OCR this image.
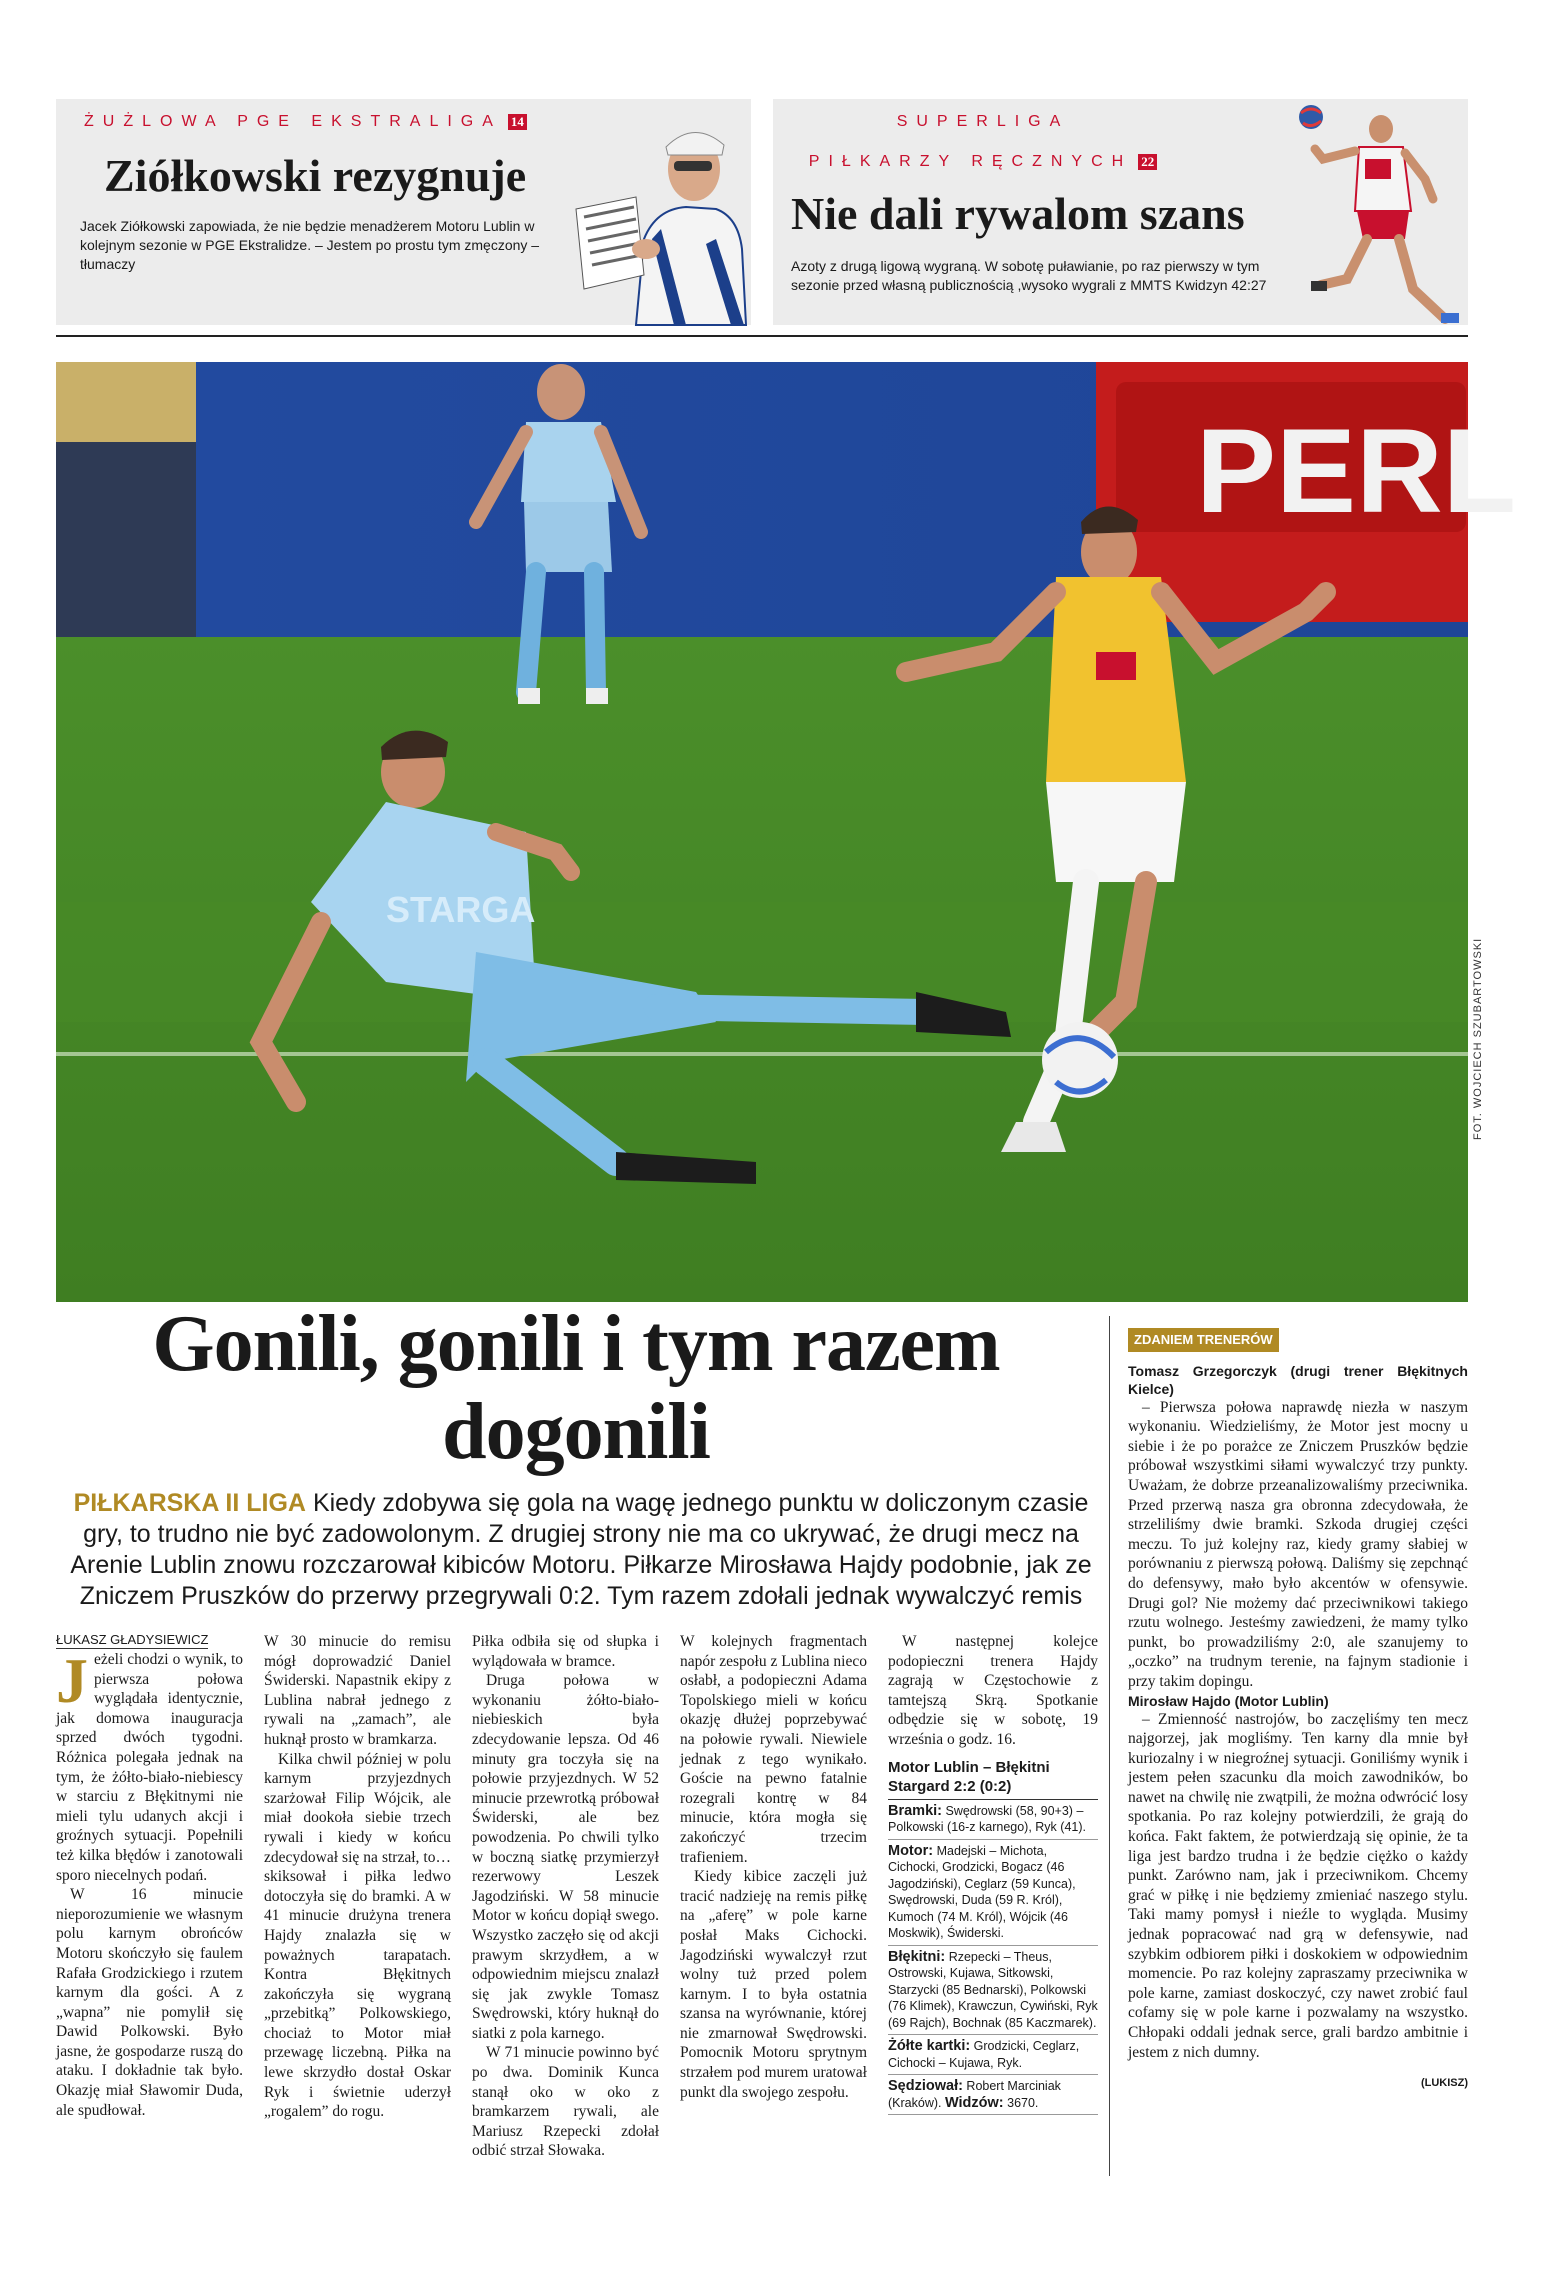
ŻUŻLOWA PGE EKSTRALIGA 14
Ziółkowski rezygnuje

Jacek Ziółkowski zapowiada, że nie będzie menadżerem Motoru Lublin w kolejnym sezonie w PGE Ekstralidze. – Jestem po prostu tym zmęczony – tłumaczy

SUPERLIGA
PIŁKARZY RĘCZNYCH 22
Nie dali rywalom szans

Azoty z drugą ligową wygraną. W sobotę puławianie, po raz pierwszy w tym sezonie przed własną publicznością ,wysoko wygrali z MMTS Kwidzyn 42:27

PERL
STARGA
FOT. WOJCIECH SZUBARTOWSKI
Gonili, gonili i tym razem dogonili

PIŁKARSKA II LIGA Kiedy zdobywa się gola na wagę jednego punktu w doliczonym czasie gry, to trudno nie być zadowolonym. Z drugiej strony nie ma co ukrywać, że drugi mecz na Arenie Lublin znowu rozczarował kibiców Motoru. Piłkarze Mirosława Hajdy podobnie, jak ze Zniczem Pruszków do przerwy przegrywali 0:2. Tym razem zdołali jednak wywalczyć remis

ŁUKASZ GŁADYSIEWICZ

Jeżeli chodzi o wynik, to pierwsza połowa wyglądała identycznie, jak domowa inauguracja sprzed dwóch tygodni. Różnica polegała jednak na tym, że żółto-biało-niebiescy w starciu z Błękitnymi nie mieli tylu udanych akcji i groźnych sytuacji. Popełnili też kilka błędów i zanotowali sporo niecelnych podań.

W 16 minucie nieporozumienie we własnym polu karnym obrońców Motoru skończyło się faulem Rafała Grodzickiego i rzutem karnym dla gości. A z „wapna” nie pomylił się Dawid Polkowski. Było jasne, że gospodarze ruszą do ataku. I dokładnie tak było. Okazję miał Sławomir Duda, ale spudłował.

W 30 minucie do remisu mógł doprowadzić Daniel Świderski. Napastnik ekipy z Lublina nabrał jednego z rywali na „zamach”, ale huknął prosto w bramkarza.

Kilka chwil później w polu karnym przyjezdnych szarżował Filip Wójcik, ale miał dookoła siebie trzech rywali i kiedy w końcu zdecydował się na strzał, to… skiksował i piłka ledwo dotoczyła się do bramki. A w 41 minucie drużyna trenera Hajdy znalazła się w poważnych tarapatach. Kontra Błękitnych zakończyła się wygraną „przebitką” Polkowskiego, chociaż to Motor miał przewagę liczebną. Piłka na lewe skrzydło dostał Oskar Ryk i świetnie uderzył „rogalem” do rogu.

Piłka odbiła się od słupka i wylądowała w bramce.

Druga połowa w wykonaniu żółto-biało-niebieskich była zdecydowanie lepsza. Od 46 minuty gra toczyła się na połowie przyjezdnych. W 52 minucie przewrotką próbował Świderski, ale bez powodzenia. Po chwili tylko w boczną siatkę przymierzył rezerwowy Leszek Jagodziński. W 58 minucie Motor w końcu dopiął swego. Wszystko zaczęło się od akcji prawym skrzydłem, a w odpowiednim miejscu znalazł się jak zwykle Tomasz Swędrowski, który huknął do siatki z pola karnego.

W 71 minucie powinno być po dwa. Dominik Kunca stanął oko w oko z bramkarzem rywali, ale Mariusz Rzepecki zdołał odbić strzał Słowaka.

W kolejnych fragmentach napór zespołu z Lublina nieco osłabł, a podopieczni Adama Topolskiego mieli w końcu okazję dłużej poprzebywać na połowie rywali. Niewiele jednak z tego wynikało. Goście na pewno fatalnie rozegrali kontrę w 84 minucie, która mogła się zakończyć trzecim trafieniem.

Kiedy kibice zaczęli już tracić nadzieję na remis piłkę na „aferę” w pole karne posłał Maks Cichocki. Jagodziński wywalczył rzut wolny tuż przed polem karnym. I to była ostatnia szansa na wyrównanie, której nie zmarnował Swędrowski. Pomocnik Motoru sprytnym strzałem pod murem uratował punkt dla swojego zespołu.

W następnej kolejce podopieczni trenera Hajdy zagrają w Częstochowie z tamtejszą Skrą. Spotkanie odbędzie się w sobotę, 19 września o godz. 16.

Motor Lublin – Błękitni Stargard 2:2 (0:2)
Bramki: Swędrowski (58, 90+3) – Polkowski (16-z karnego), Ryk (41).
Motor: Madejski – Michota, Cichocki, Grodzicki, Bogacz (46 Jagodziński), Ceglarz (59 Kunca), Swędrowski, Duda (59 R. Król), Kumoch (74 M. Król), Wójcik (46 Moskwik), Świderski.
Błękitni: Rzepecki – Theus, Ostrowski, Kujawa, Sitkowski, Starzycki (85 Bednarski), Polkowski (76 Klimek), Krawczun, Cywiński, Ryk (69 Rajch), Bochnak (85 Kaczmarek).
Żółte kartki: Grodzicki, Ceglarz, Cichocki – Kujawa, Ryk.
Sędziował: Robert Marciniak (Kraków). Widzów: 3670.
ZDANIEM TRENERÓW

Tomasz Grzegorczyk (drugi trener Błękitnych Kielce)

– Pierwsza połowa naprawdę niezła w naszym wykonaniu. Wiedzieliśmy, że Motor jest mocny u siebie i że po porażce ze Zniczem Pruszków będzie próbował wszystkimi siłami wywalczyć trzy punkty. Uważam, że dobrze przeanalizowaliśmy przeciwnika. Przed przerwą nasza gra obronna zdecydowała, że strzeliliśmy dwie bramki. Szkoda drugiej części meczu. To już kolejny raz, kiedy gramy słabiej w porównaniu z pierwszą połową. Daliśmy się zepchnąć do defensywy, mało było akcentów w ofensywie. Drugi gol? Nie możemy dać przeciwnikowi takiego rzutu wolnego. Jesteśmy zawiedzeni, że mamy tylko punkt, bo prowadziliśmy 2:0, ale szanujemy to „oczko” na trudnym terenie, na fajnym stadionie i przy takim dopingu.

Mirosław Hajdo (Motor Lublin)

– Zmienność nastrojów, bo zaczęliśmy ten mecz najgorzej, jak mogliśmy. Ten karny dla mnie był kuriozalny i w niegroźnej sytuacji. Goniliśmy wynik i jestem pełen szacunku dla moich zawodników, bo nawet na chwilę nie zwątpili, że można odwrócić losy spotkania. Po raz kolejny potwierdzili, że grają do końca. Fakt faktem, że potwierdzają się opinie, że ta liga jest bardzo trudna i że będzie ciężko o każdy punkt. Zarówno nam, jak i przeciwnikom. Chcemy grać w piłkę i nie będziemy zmieniać naszego stylu. Taki mamy pomysł i nieźle to wygląda. Musimy jednak popracować nad grą w defensywie, nad szybkim odbiorem piłki i doskokiem w odpowiednim momencie. Po raz kolejny zapraszamy przeciwnika w pole karne, zamiast doskoczyć, czy nawet zrobić faul cofamy się w pole karne i pozwalamy na wszystko. Chłopaki oddali jednak serce, grali bardzo ambitnie i jestem z nich dumny.

(LUKISZ)
